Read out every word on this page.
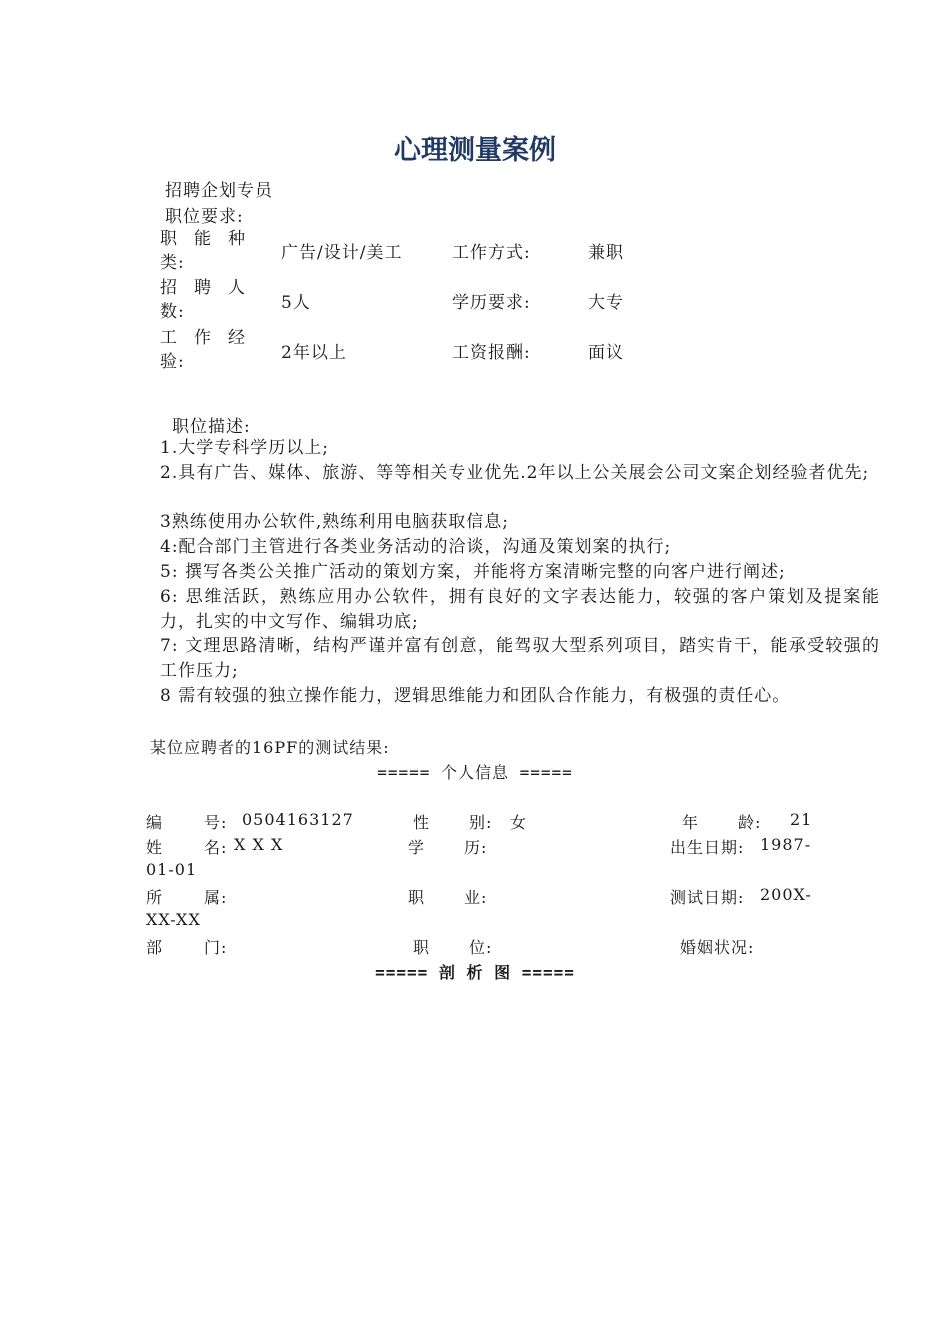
心理测量案例
招聘企划专员
职位要求:
职 能 种
类:	广告/设计/美工	工作方式:	兼职
招 聘 人
数:	5人	学历要求:	大专
工 作 经
验:	2年以上	工资报酬:	面议
职位描述:
1.大学专科学历以上;
2.具有广告、媒体、旅游、等等相关专业优先.2年以上公关展会公司文案企划经验者优先;
3熟练使用办公软件,熟练利用电脑获取信息;
4:配合部门主管进行各类业务活动的洽谈，沟通及策划案的执行;
5: 撰写各类公关推广活动的策划方案，并能将方案清晰完整的向客户进行阐述;
6: 思维活跃，熟练应用办公软件，拥有良好的文字表达能力，较强的客户策划及提案能力，扎实的中文写作、编辑功底;
7: 文理思路清晰，结构严谨并富有创意，能驾驭大型系列项目，踏实肯干，能承受较强的工作压力;
8 需有较强的独立操作能力，逻辑思维能力和团队合作能力，有极强的责任心。
某位应聘者的16PF的测试结果:
===== 个人信息 =====
编	号: 0504163127	性 别: 女	年 龄: 21
姓	名: X X X	学 历:	出生日期: 1987-
01-01
所	属:	职 业:	测试日期: 200X-
XX-XX
部	门:	职 位:	婚姻状况:
===== 剖 析 图 =====
